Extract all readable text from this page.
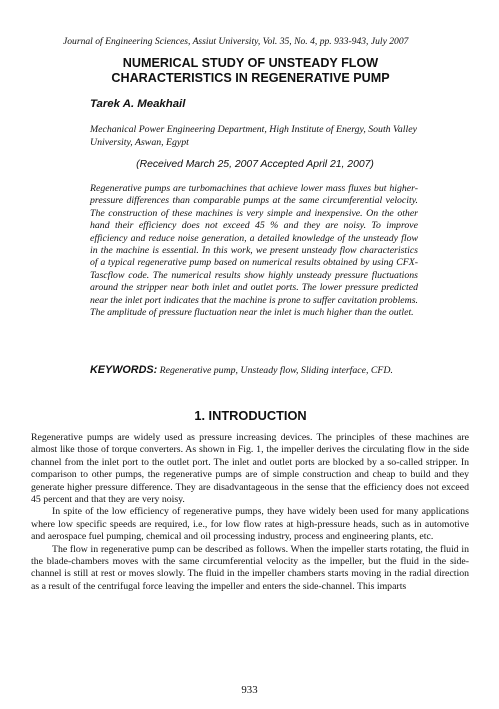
Journal of Engineering Sciences, Assiut University, Vol. 35, No. 4, pp. 933-943, July 2007
NUMERICAL STUDY OF UNSTEADY FLOW
CHARACTERISTICS IN REGENERATIVE PUMP
Tarek A. Meakhail
Mechanical Power Engineering Department, High Institute of Energy, South Valley University, Aswan, Egypt
(Received March 25, 2007 Accepted April 21, 2007)
Regenerative pumps are turbomachines that achieve lower mass fluxes but higher-pressure differences than comparable pumps at the same circumferential velocity. The construction of these machines is very simple and inexpensive. On the other hand their efficiency does not exceed 45 % and they are noisy. To improve efficiency and reduce noise generation, a detailed knowledge of the unsteady flow in the machine is essential. In this work, we present unsteady flow characteristics of a typical regenerative pump based on numerical results obtained by using CFX-Tascflow code. The numerical results show highly unsteady pressure fluctuations around the stripper near both inlet and outlet ports. The lower pressure predicted near the inlet port indicates that the machine is prone to suffer cavitation problems. The amplitude of pressure fluctuation near the inlet is much higher than the outlet.
KEYWORDS: Regenerative pump, Unsteady flow, Sliding interface, CFD.
1. INTRODUCTION

Regenerative pumps are widely used as pressure increasing devices. The principles of these machines are almost like those of torque converters. As shown in Fig. 1, the impeller derives the circulating flow in the side channel from the inlet port to the outlet port. The inlet and outlet ports are blocked by a so-called stripper. In comparison to other pumps, the regenerative pumps are of simple construction and cheap to build and they generate higher pressure difference. They are disadvantageous in the sense that the efficiency does not exceed 45 percent and that they are very noisy.

In spite of the low efficiency of regenerative pumps, they have widely been used for many applications where low specific speeds are required, i.e., for low flow rates at high-pressure heads, such as in automotive and aerospace fuel pumping, chemical and oil processing industry, process and engineering plants, etc.

The flow in regenerative pump can be described as follows. When the impeller starts rotating, the fluid in the blade-chambers moves with the same circumferential velocity as the impeller, but the fluid in the side-channel is still at rest or moves slowly. The fluid in the impeller chambers starts moving in the radial direction as a result of the centrifugal force leaving the impeller and enters the side-channel. This imparts

933
